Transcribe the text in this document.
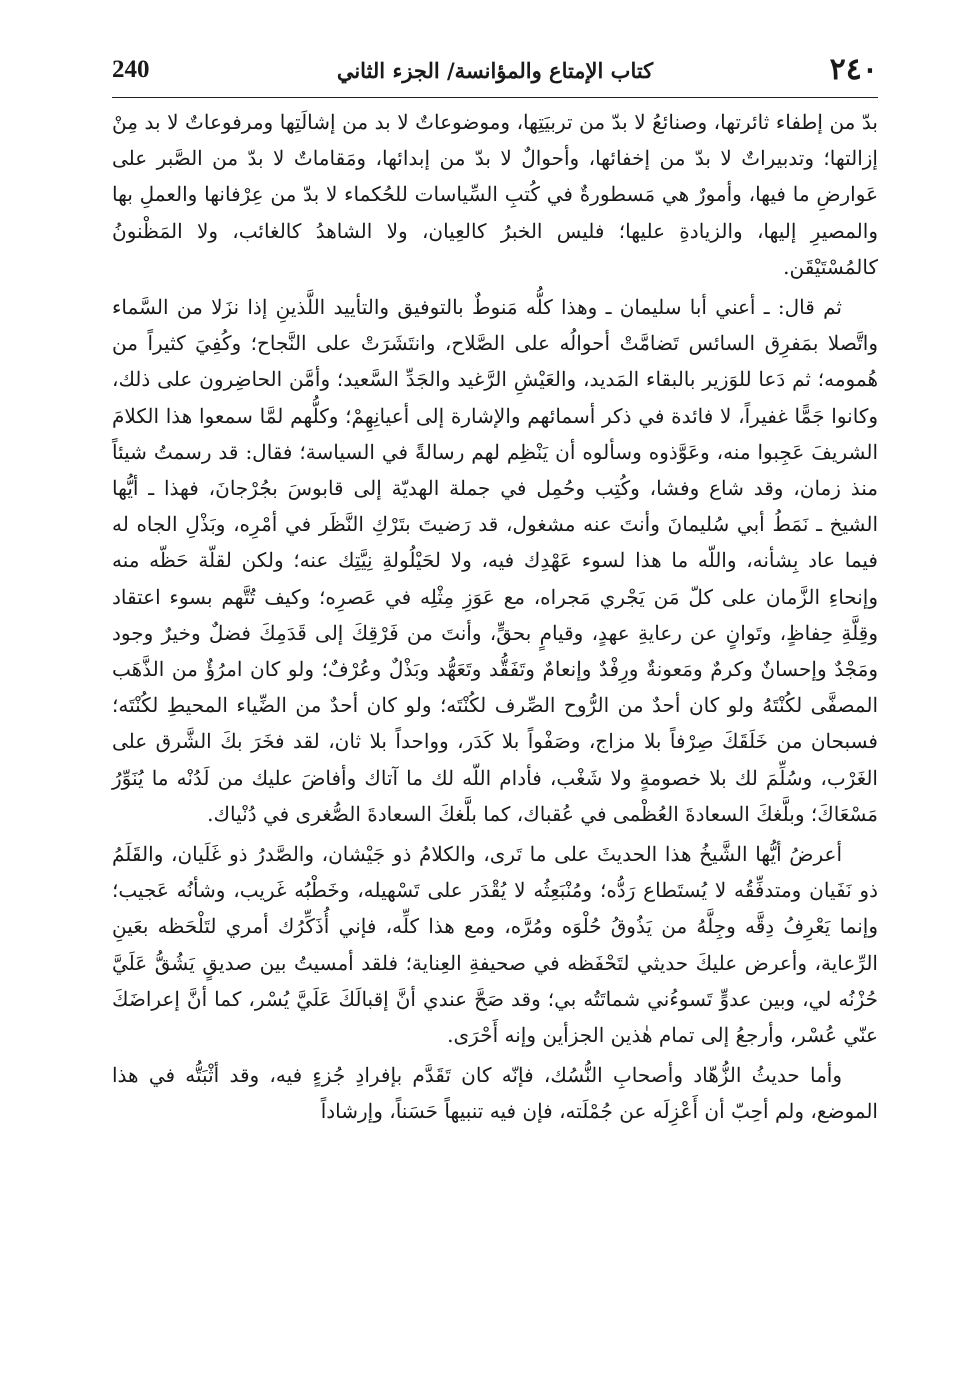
٢٤٠
كتاب الإمتاع والمؤانسة/ الجزء الثاني
240

بدّ من إطفاء ثائرتها، وصنائعُ لا بدّ من تربيَتِها، وموضوعاتٌ لا بد من إشالَتِها ومرفوعاتٌ لا بد مِنْ إزالتها؛ وتدبيراتٌ لا بدّ من إخفائها، وأحوالٌ لا بدّ من إبدائها، ومَقاماتٌ لا بدّ من الصَّبر على عَوارضِ ما فيها، وأمورٌ هي مَسطورةٌ في كُتبِ السِّياسات للحُكماء لا بدّ من عِرْفانها والعملِ بها والمصيرِ إليها، والزيادةِ عليها؛ فليس الخبرُ كالعِيان، ولا الشاهدُ كالغائب، ولا المَظْنونُ كالمُسْتَيْقَن.

ثم قال: ـ أعني أبا سليمان ـ وهذا كلُّه مَنوطٌ بالتوفيق والتأييد اللَّذينِ إذا نزَلا من السَّماء واتَّصلا بمَفرِق السائس تَضامَّتْ أحوالُه على الصَّلاح، وانتَشَرَتْ على النَّجاح؛ وكُفِيَ كثيراً من هُمومه؛ ثم دَعا للوَزير بالبقاء المَديد، والعَيْشِ الرَّغيد والجَدِّ السَّعيد؛ وأمَّن الحاضِرون على ذلك، وكانوا جَمًّا غفيراً، لا فائدة في ذكر أسمائهم والإشارة إلى أعيانِهِمْ؛ وكلُّهم لمَّا سمعوا هذا الكلامَ الشريفَ عَجِبوا منه، وعَوَّذوه وسألوه أن يَنْظِم لهم رسالةً في السياسة؛ فقال: قد رسمتُ شيئاً منذ زمان، وقد شاع وفشا، وكُتِب وحُمِل في جملة الهديّة إلى قابوسَ بجُرْجانَ، فهذا ـ أيُّها الشيخ ـ نَمَطُ أبي سُليمانَ وأنتَ عنه مشغول، قد رَضيتَ بتَرْكِ النَّظَر في أمْرِه، وبَذْلِ الجاه له فيما عاد بِشأنه، واللّه ما هذا لسوء عَهْدِك فيه، ولا لحَيْلُولةِ نِيَّتِك عنه؛ ولكن لقلّة حَظّه منه وإنحاءِ الزَّمان على كلّ مَن يَجْري مَجراه، مع عَوَزِ مِثْلِه في عَصرِه؛ وكيف تُتَّهم بسوء اعتقاد وقِلَّةِ حِفاظٍ، وتَوانٍ عن رعايةِ عهدٍ، وقيامٍ بحقٍّ، وأنتَ من فَرْقِكَ إلى قَدَمِكَ فضلٌ وخيرٌ وجود ومَجْدٌ وإحسانٌ وكرمٌ ومَعونةٌ ورِفْدٌ وإنعامٌ وتَفَقُّد وتَعَهُّد وبَذْلٌ وعُرْفٌ؛ ولو كان امرُؤٌ من الذَّهَب المصفَّى لكُنْتَهُ ولو كان أحدٌ من الرُّوح الصِّرف لكُنْتَه؛ ولو كان أحدٌ من الضِّياء المحيطِ لكُنْتَه؛ فسبحان من خَلَقَكَ صِرْفاً بلا مزاج، وصَفْواً بلا كَدَر، وواحداً بلا ثان، لقد فخَرَ بكَ الشَّرق على الغَرْب، وسُلِّمَ لك بلا خصومةٍ ولا شَغْب، فأدام اللّه لك ما آتاك وأفاضَ عليك من لَدُنْه ما يُنَوِّرُ مَسْعَاكَ؛ وبلَّغكَ السعادةَ العُظْمى في عُقباك، كما بلَّغكَ السعادةَ الصُّغرى في دُنْياك.

أعرضُ أيُّها الشَّيخُ هذا الحديثَ على ما تَرى، والكلامُ ذو جَيْشان، والصَّدرُ ذو غَلَيان، والقَلَمُ ذو نَفَيان ومتدفِّقُه لا يُستَطاع رَدُّه؛ ومُنْبَعِثُه لا يُقْدَر على تَسْهيله، وخَطْبُه غَريب، وشأنُه عَجيب؛ وإنما يَعْرِفُ دِقَّه وجِلَّهُ من يَذُوقُ حُلْوَه ومُرَّه، ومع هذا كلِّه، فإني أُذَكِّرُك أمري لتَلْحَظه بعَينِ الرِّعاية، وأعرض عليكَ حديثي لتَحْفَظه في صحيفةِ العِناية؛ فلقد أمسيتُ بين صديقٍ يَشُقُّ عَلَيَّ حُزْنُه لي، وبين عدوٍّ تَسوءُني شماتَتُه بي؛ وقد صَحَّ عندي أنَّ إقبالَكَ عَلَيَّ يُسْر، كما أنَّ إعراضَكَ عنّي عُسْر، وأرجعُ إلى تمام هٰذين الجزأين وإنه أَحْرَى.

وأما حديثُ الزُّهّاد وأصحابِ النُّسُك، فإنّه كان تَقَدَّم بإفرادِ جُزءٍ فيه، وقد أثْبَتُّه في هذا الموضع، ولم أحِبّ أن أَعْزِلَه عن جُمْلَته، فإن فيه تنبيهاً حَسَناً، وإرشاداً
